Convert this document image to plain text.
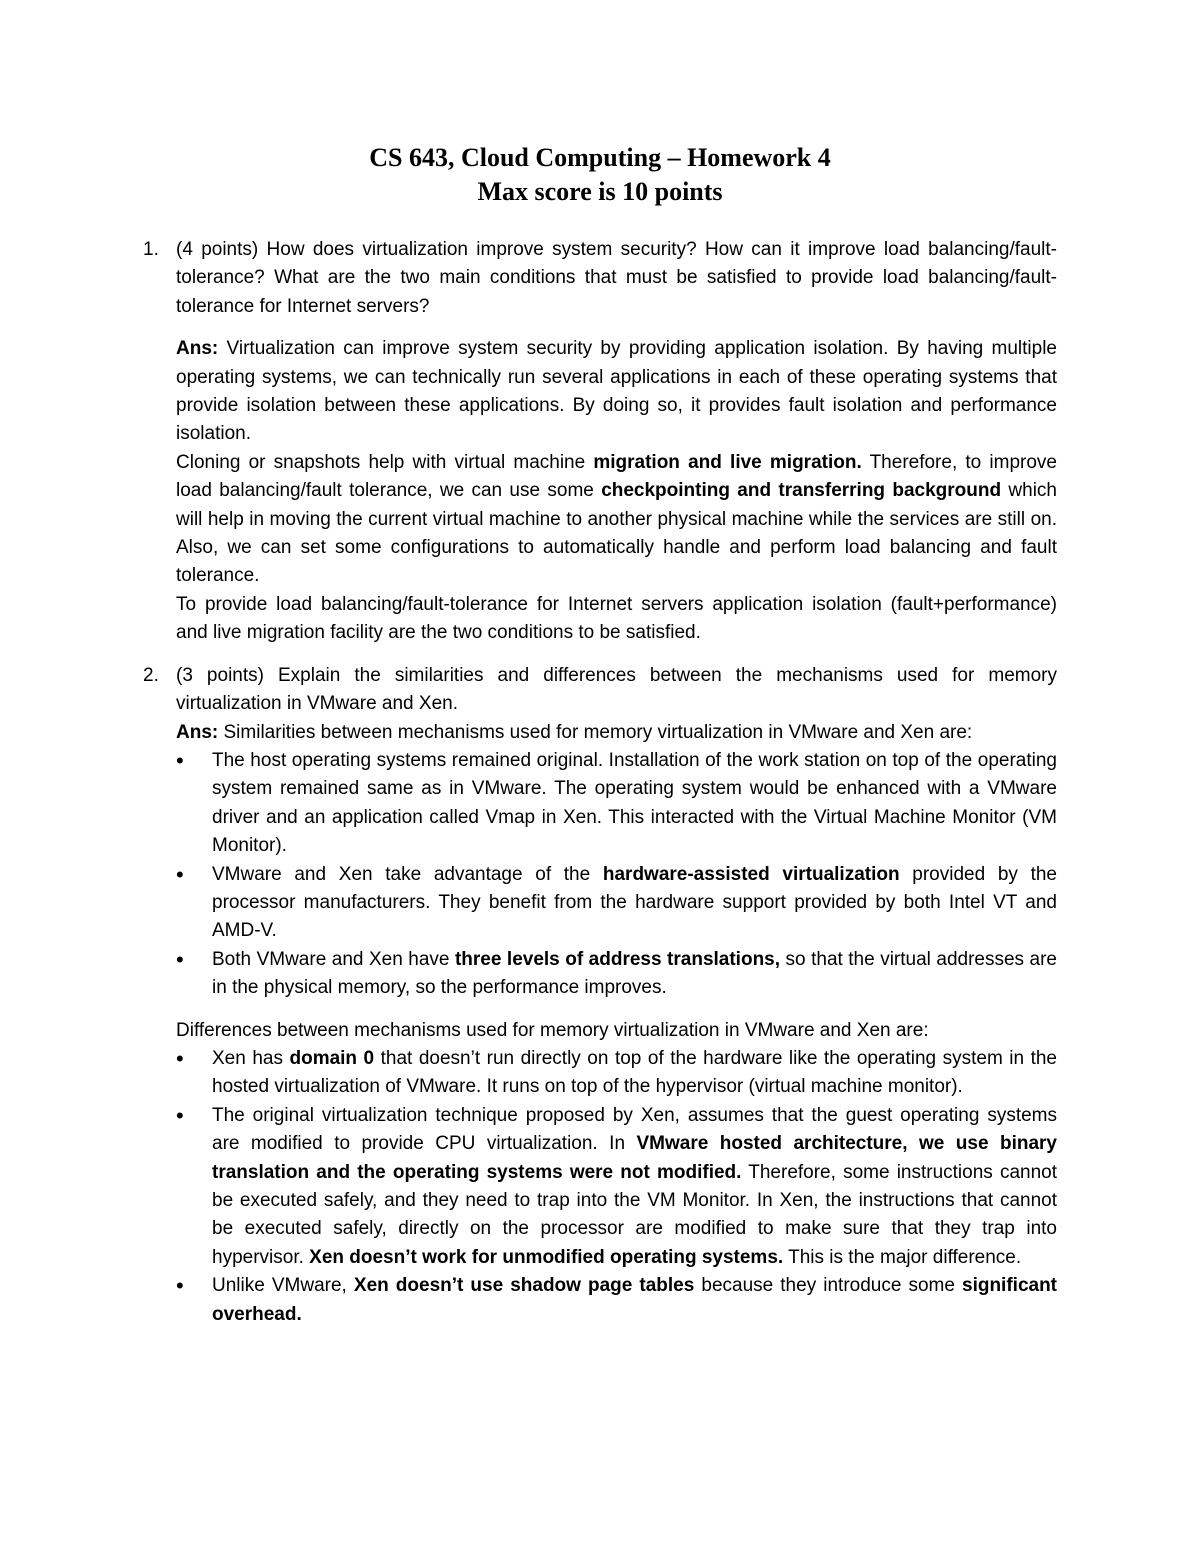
CS 643, Cloud Computing – Homework 4
Max score is 10 points
1. (4 points) How does virtualization improve system security? How can it improve load balancing/fault-tolerance? What are the two main conditions that must be satisfied to provide load balancing/fault-tolerance for Internet servers?

Ans: Virtualization can improve system security by providing application isolation. By having multiple operating systems, we can technically run several applications in each of these operating systems that provide isolation between these applications. By doing so, it provides fault isolation and performance isolation.

Cloning or snapshots help with virtual machine migration and live migration. Therefore, to improve load balancing/fault tolerance, we can use some checkpointing and transferring background which will help in moving the current virtual machine to another physical machine while the services are still on. Also, we can set some configurations to automatically handle and perform load balancing and fault tolerance.

To provide load balancing/fault-tolerance for Internet servers application isolation (fault+performance) and live migration facility are the two conditions to be satisfied.

2. (3 points) Explain the similarities and differences between the mechanisms used for memory virtualization in VMware and Xen.

Ans: Similarities between mechanisms used for memory virtualization in VMware and Xen are:

•
The host operating systems remained original. Installation of the work station on top of the operating system remained same as in VMware. The operating system would be enhanced with a VMware driver and an application called Vmap in Xen. This interacted with the Virtual Machine Monitor (VM Monitor).
•
VMware and Xen take advantage of the hardware-assisted virtualization provided by the processor manufacturers. They benefit from the hardware support provided by both Intel VT and AMD-V.
•
Both VMware and Xen have three levels of address translations, so that the virtual addresses are in the physical memory, so the performance improves.

Differences between mechanisms used for memory virtualization in VMware and Xen are:

•
Xen has domain 0 that doesn’t run directly on top of the hardware like the operating system in the hosted virtualization of VMware. It runs on top of the hypervisor (virtual machine monitor).
•
The original virtualization technique proposed by Xen, assumes that the guest operating systems are modified to provide CPU virtualization. In VMware hosted architecture, we use binary translation and the operating systems were not modified. Therefore, some instructions cannot be executed safely, and they need to trap into the VM Monitor. In Xen, the instructions that cannot be executed safely, directly on the processor are modified to make sure that they trap into hypervisor. Xen doesn’t work for unmodified operating systems. This is the major difference.
•
Unlike VMware, Xen doesn’t use shadow page tables because they introduce some significant overhead.
